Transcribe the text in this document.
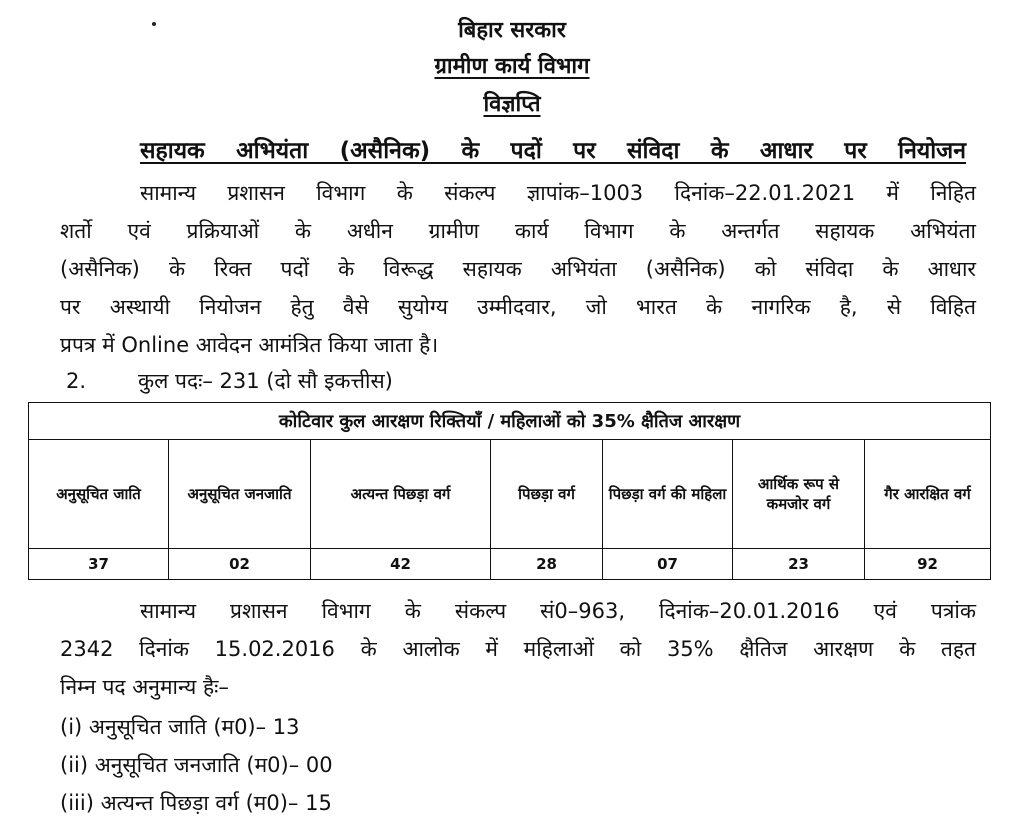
बिहार सरकार
ग्रामीण कार्य विभाग
विज्ञप्ति
सहायक अभियंता (असैनिक) के पदों पर संविदा के आधार पर नियोजन
सामान्य प्रशासन विभाग के संकल्प ज्ञापांक–1003 दिनांक–22.01.2021 में निहित
शर्तो एवं प्रक्रियाओं के अधीन ग्रामीण कार्य विभाग के अन्तर्गत सहायक अभियंता
(असैनिक) के रिक्त पदों के विरूद्ध सहायक अभियंता (असैनिक) को संविदा के आधार
पर अस्थायी नियोजन हेतु वैसे सुयोग्य उम्मीदवार, जो भारत के नागरिक है, से विहित
प्रपत्र में Online आवेदन आमंत्रित किया जाता है।
2.	कुल पदः– 231 (दो सौ इकत्तीस)
कोटिवार कुल आरक्षण रिक्तियाँ / महिलाओं को 35% क्षैतिज आरक्षण						
अनुसूचित जाति	अनुसूचित जनजाति	अत्यन्त पिछड़ा वर्ग	पिछड़ा वर्ग	पिछड़ा वर्ग की महिला	आर्थिक रूप से कमजोर वर्ग	गैर आरक्षित वर्ग
37	02	42	28	07	23	92
सामान्य प्रशासन विभाग के संकल्प सं0–963, दिनांक–20.01.2016 एवं पत्रांक
2342 दिनांक 15.02.2016 के आलोक में महिलाओं को 35% क्षैतिज आरक्षण के तहत
निम्न पद अनुमान्य हैः–
(i) अनुसूचित जाति (म0)– 13
(ii) अनुसूचित जनजाति (म0)– 00
(iii) अत्यन्त पिछड़ा वर्ग (म0)– 15
